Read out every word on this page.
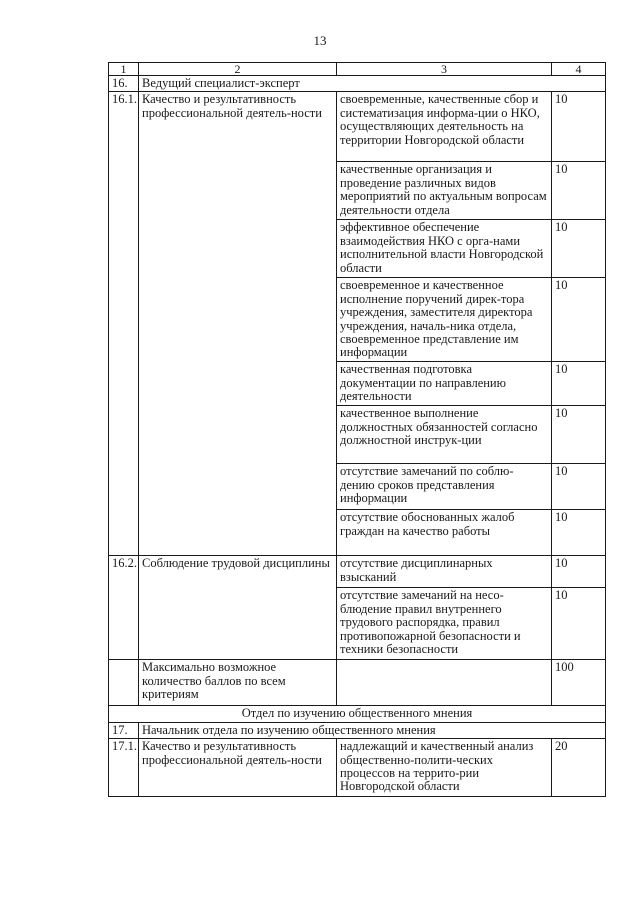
13
1	2	3	4
16.	Ведущий специалист-эксперт		
16.1.	Качество и результативность профессиональной деятель-ности	своевременные, качественные сбор и систематизация информа-ции о НКО, осуществляющих деятельность на территории Новгородской области	10
		качественные организация и проведение различных видов мероприятий по актуальным вопросам деятельности отдела	10
		эффективное обеспечение взаимодействия НКО с орга-нами исполнительной власти Новгородской области	10
		своевременное и качественное исполнение поручений дирек-тора учреждения, заместителя директора учреждения, началь-ника отдела, своевременное представление им информации	10
		качественная подготовка документации по направлению деятельности	10
		качественное выполнение должностных обязанностей согласно должностной инструк-ции	10
		отсутствие замечаний по соблю-дению сроков представления информации	10
		отсутствие обоснованных жалоб граждан на качество работы	10
16.2.	Соблюдение трудовой дисциплины	отсутствие дисциплинарных взысканий	10
		отсутствие замечаний на несо-блюдение правил внутреннего трудового распорядка, правил противопожарной безопасности и техники безопасности	10
	Максимально возможное количество баллов по всем критериям		100
Отдел по изучению общественного мнения			
17.	Начальник отдела по изучению общественного мнения		
17.1.	Качество и результативность профессиональной деятель-ности	надлежащий и качественный анализ общественно-полити-ческих процессов на террито-рии Новгородской области	20
